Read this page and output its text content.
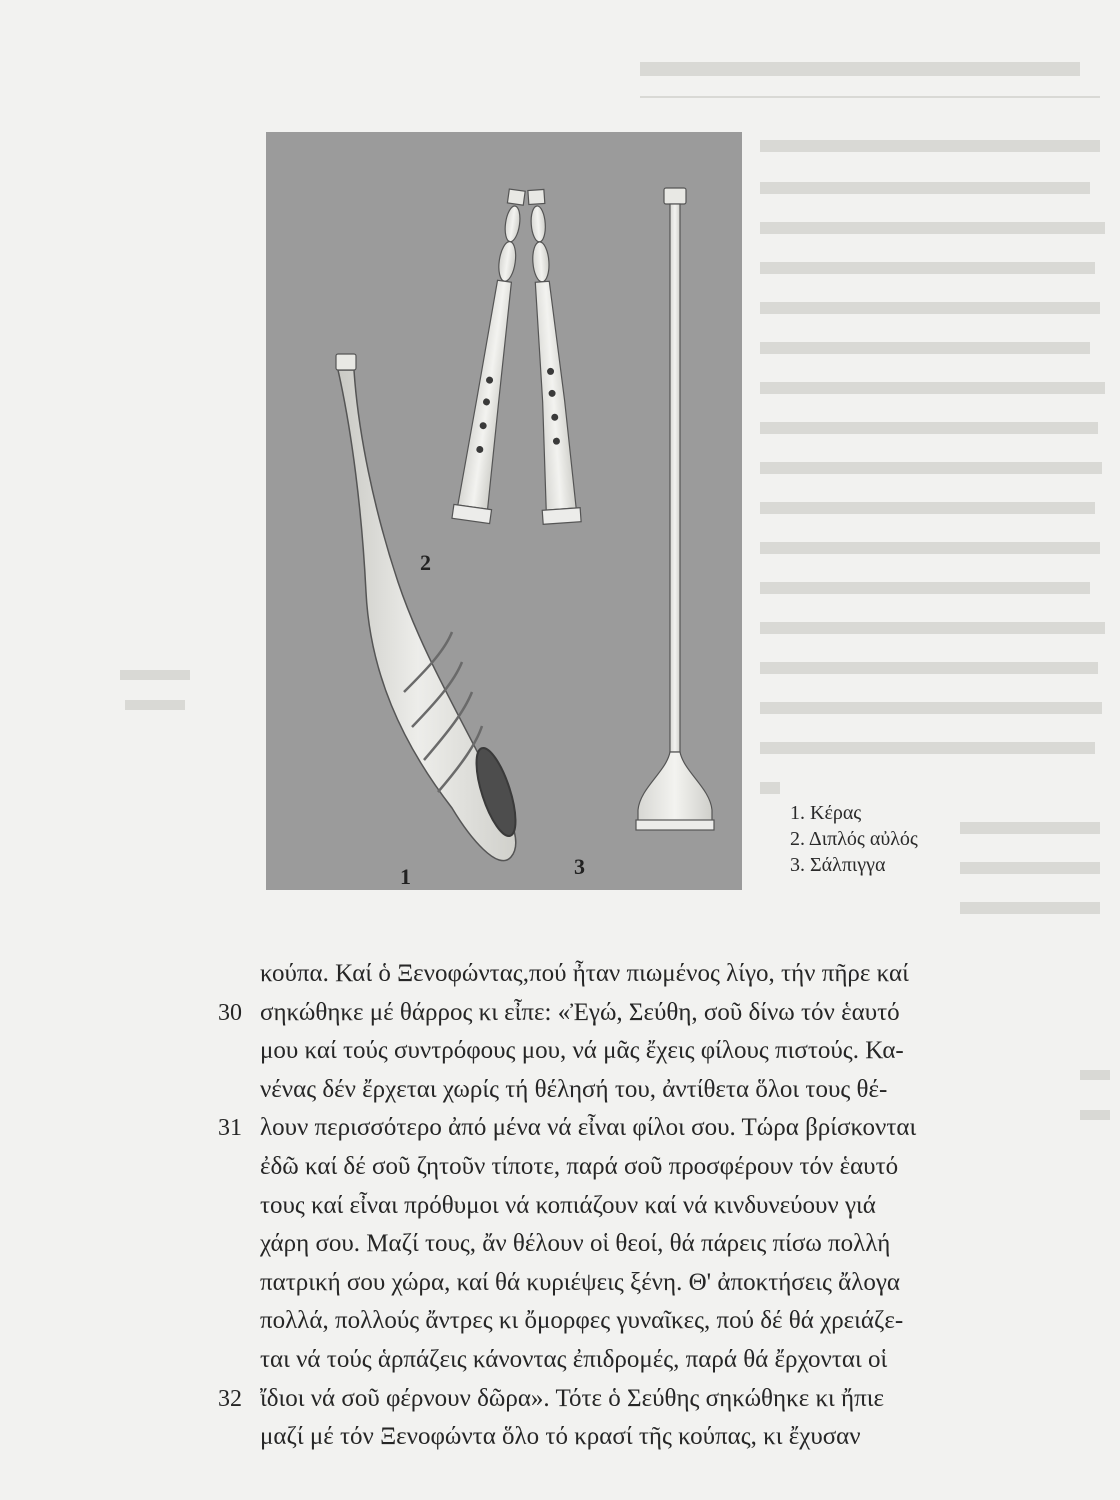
1
2
3
1. Κέρας
2. Διπλός αὐλός
3. Σάλπιγγα
κούπα. Καί ὁ Ξενοφώντας,πού ἦταν πιωμένος λίγο, τήν πῆρε καί
30 σηκώθηκε μέ θάρρος κι εἶπε: «Ἐγώ, Σεύθη, σοῦ δίνω τόν ἑαυτό
μου καί τούς συντρόφους μου, νά μᾶς ἔχεις φίλους πιστούς. Κα-
νένας δέν ἔρχεται χωρίς τή θέλησή του, ἀντίθετα ὅλοι τους θέ-
31 λουν περισσότερο ἀπό μένα νά εἶναι φίλοι σου. Τώρα βρίσκονται
ἐδῶ καί δέ σοῦ ζητοῦν τίποτε, παρά σοῦ προσφέρουν τόν ἑαυτό
τους καί εἶναι πρόθυμοι νά κοπιάζουν καί νά κινδυνεύουν γιά
χάρη σου. Μαζί τους, ἄν θέλουν οἱ θεοί, θά πάρεις πίσω πολλή
πατρική σου χώρα, καί θά κυριέψεις ξένη. Θ' ἀποκτήσεις ἄλογα
πολλά, πολλούς ἄντρες κι ὄμορφες γυναῖκες, πού δέ θά χρειάζε-
ται νά τούς ἁρπάζεις κάνοντας ἐπιδρομές, παρά θά ἔρχονται οἱ
32 ἴδιοι νά σοῦ φέρνουν δῶρα». Τότε ὁ Σεύθης σηκώθηκε κι ἤπιε
μαζί μέ τόν Ξενοφώντα ὅλο τό κρασί τῆς κούπας, κι ἔχυσαν
